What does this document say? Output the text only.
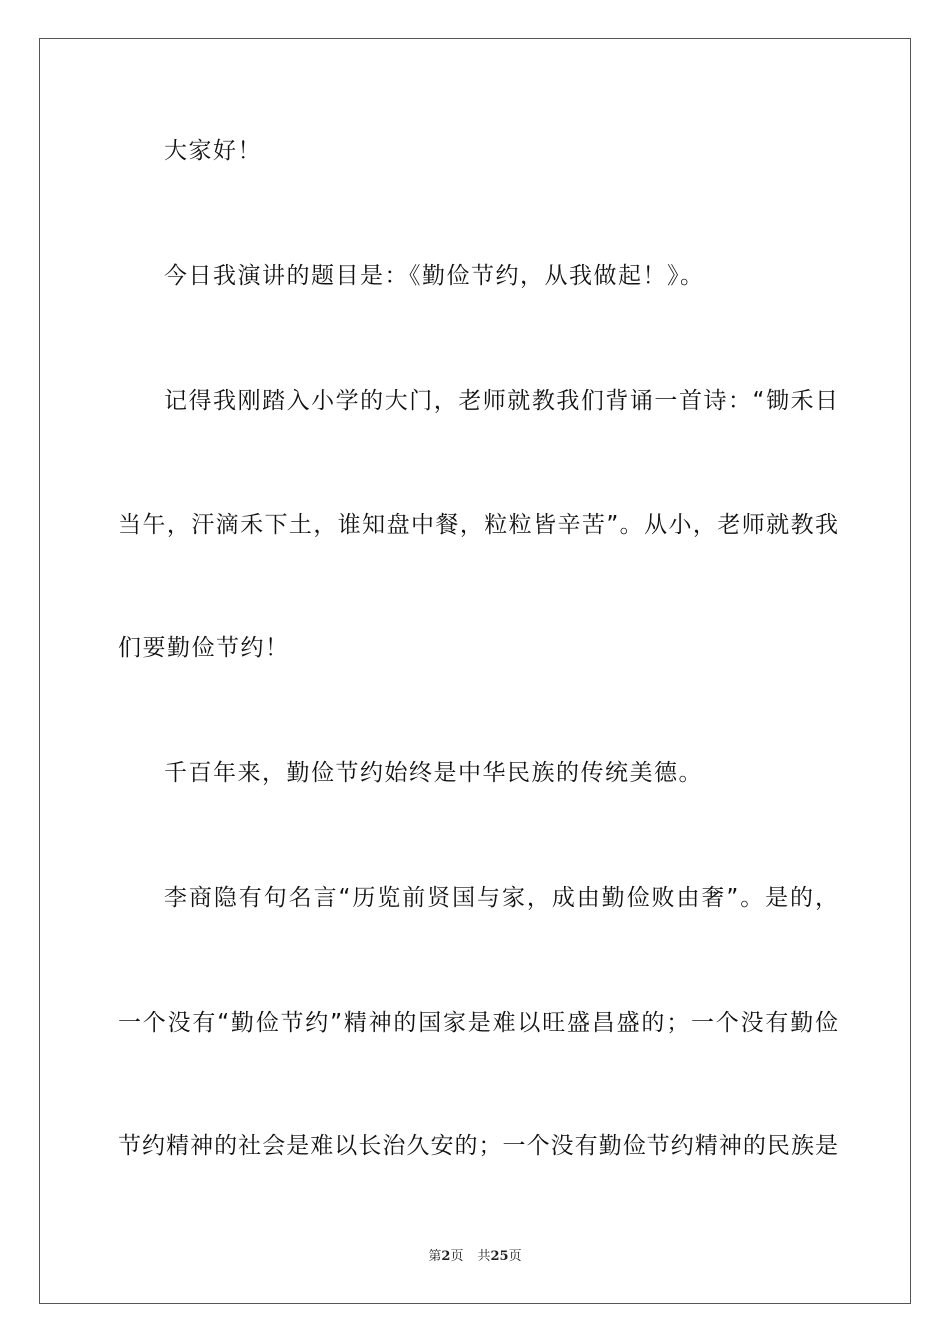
大家好！
今日我演讲的题目是：《勤俭节约，从我做起！》。
记得我刚踏入小学的大门，老师就教我们背诵一首诗：“锄禾日
当午，汗滴禾下土，谁知盘中餐，粒粒皆辛苦”。从小，老师就教我
们要勤俭节约！
千百年来，勤俭节约始终是中华民族的传统美德。
李商隐有句名言“历览前贤国与家，成由勤俭败由奢”。是的，
一个没有“勤俭节约”精神的国家是难以旺盛昌盛的；一个没有勤俭
节约精神的社会是难以长治久安的；一个没有勤俭节约精神的民族是
第2页 共25页
